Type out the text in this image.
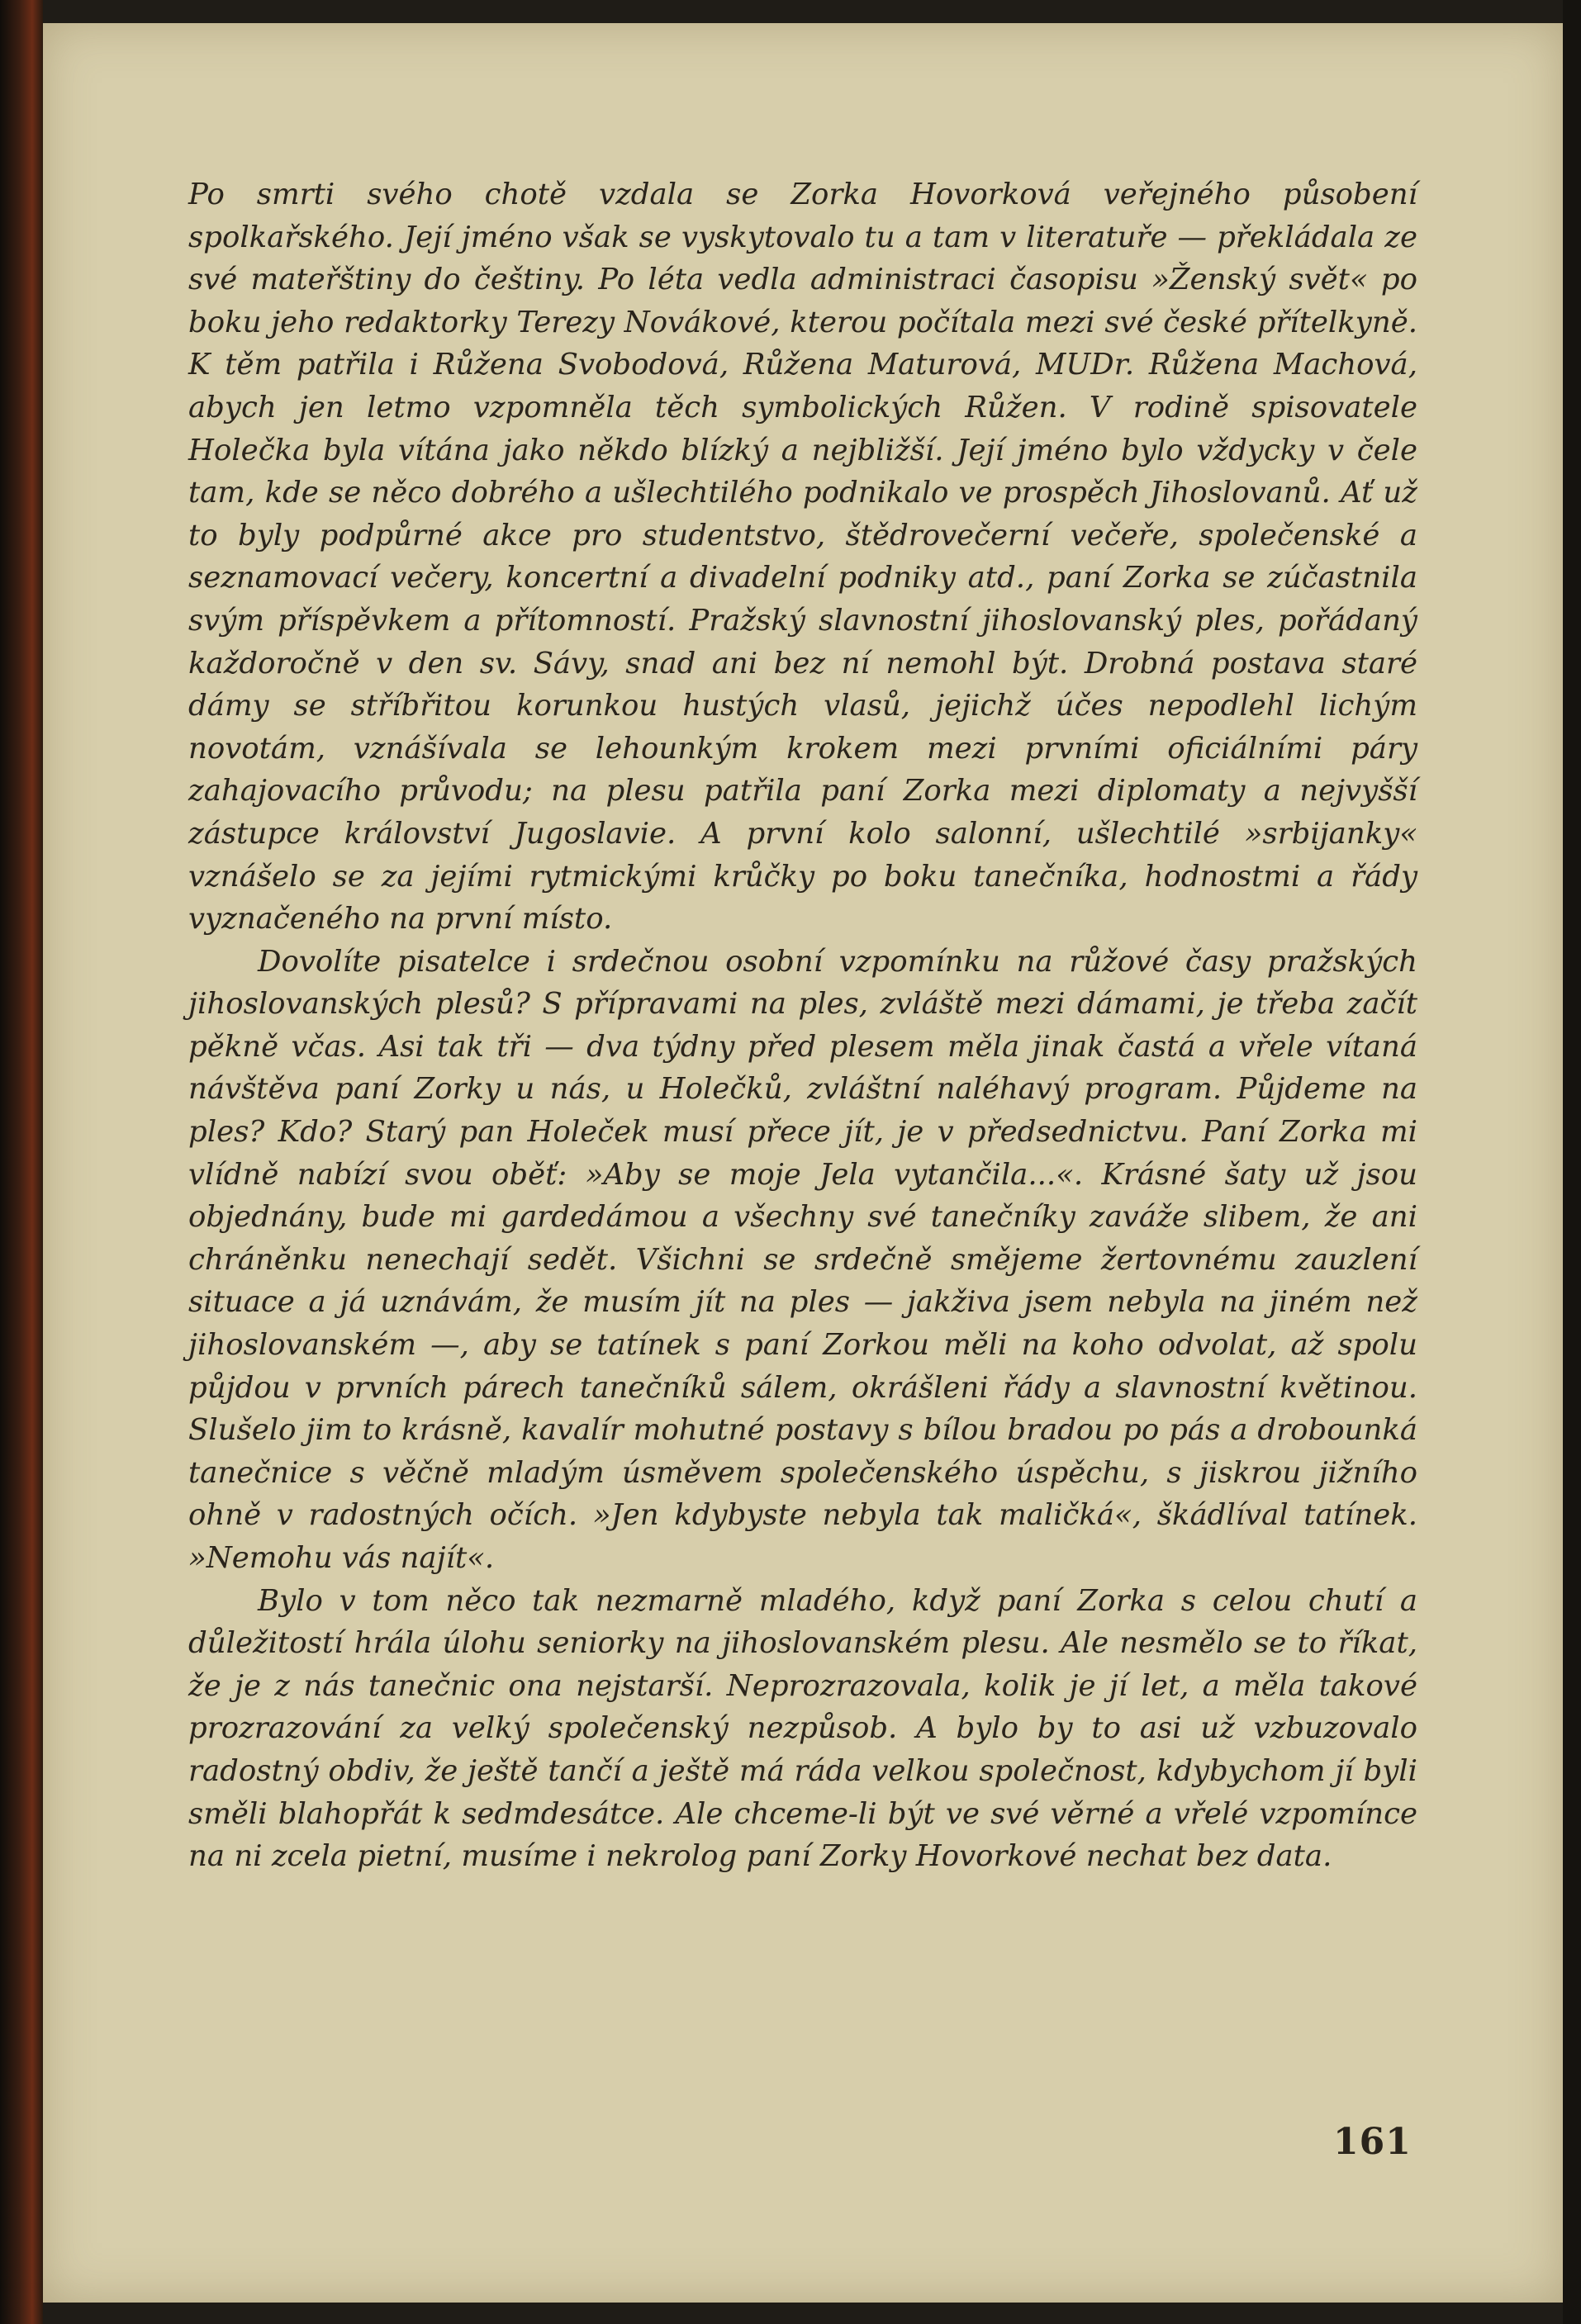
Po smrti svého chotě vzdala se Zorka Hovorková veřejného působení spolkařského. Její jméno však se vyskytovalo tu a tam v literatuře — překládala ze své mateřštiny do češtiny. Po léta vedla administraci časopisu »Ženský svět« po boku jeho redaktorky Terezy Novákové, kterou počítala mezi své české přítelkyně. K těm patřila i Růžena Svobodová, Růžena Maturová, MUDr. Růžena Machová, abych jen letmo vzpomněla těch symbolických Růžen. V rodině spisovatele Holečka byla vítána jako někdo blízký a nejbližší. Její jméno bylo vždycky v čele tam, kde se něco dobrého a ušlechtilého podnikalo ve prospěch Jihoslovanů. Ať už to byly podpůrné akce pro studentstvo, štědrovečerní večeře, společenské a seznamovací večery, koncertní a divadelní podniky atd., paní Zorka se zúčastnila svým příspěvkem a přítomností. Pražský slavnostní jihoslovanský ples, pořádaný každoročně v den sv. Sávy, snad ani bez ní nemohl být. Drobná postava staré dámy se stříbřitou korunkou hustých vlasů, jejichž účes nepodlehl lichým novotám, vznášívala se lehounkým krokem mezi prvními oficiálními páry zahajovacího průvodu; na plesu patřila paní Zorka mezi diplomaty a nejvyšší zástupce království Jugoslavie. A první kolo salonní, ušlechtilé »srbijanky« vznášelo se za jejími rytmickými krůčky po boku tanečníka, hodnostmi a řády vyznačeného na první místo.

Dovolíte pisatelce i srdečnou osobní vzpomínku na růžové časy pražských jihoslovanských plesů? S přípravami na ples, zvláště mezi dámami, je třeba začít pěkně včas. Asi tak tři — dva týdny před plesem měla jinak častá a vřele vítaná návštěva paní Zorky u nás, u Holečků, zvláštní naléhavý program. Půjdeme na ples? Kdo? Starý pan Holeček musí přece jít, je v předsednictvu. Paní Zorka mi vlídně nabízí svou oběť: »Aby se moje Jela vytančila...«. Krásné šaty už jsou objednány, bude mi gardedámou a všechny své tanečníky zaváže slibem, že ani chráněnku nenechají sedět. Všichni se srdečně smějeme žertovnému zauzlení situace a já uznávám, že musím jít na ples — jakživa jsem nebyla na jiném než jihoslovanském —, aby se tatínek s paní Zorkou měli na koho odvolat, až spolu půjdou v prvních párech tanečníků sálem, okrášleni řády a slavnostní květinou. Slušelo jim to krásně, kavalír mohutné postavy s bílou bradou po pás a drobounká tanečnice s věčně mladým úsměvem společenského úspěchu, s jiskrou jižního ohně v radostných očích. »Jen kdybyste nebyla tak maličká«, škádlíval tatínek. »Nemohu vás najít«.

Bylo v tom něco tak nezmarně mladého, když paní Zorka s celou chutí a důležitostí hrála úlohu seniorky na jihoslovanském plesu. Ale nesmělo se to říkat, že je z nás tanečnic ona nejstarší. Neprozrazovala, kolik je jí let, a měla takové prozrazování za velký společenský nezpůsob. A bylo by to asi už vzbuzovalo radostný obdiv, že ještě tančí a ještě má ráda velkou společnost, kdybychom jí byli směli blahopřát k sedmdesátce. Ale chceme-li být ve své věrné a vřelé vzpomínce na ni zcela pietní, musíme i nekrolog paní Zorky Hovorkové nechat bez data.

161
